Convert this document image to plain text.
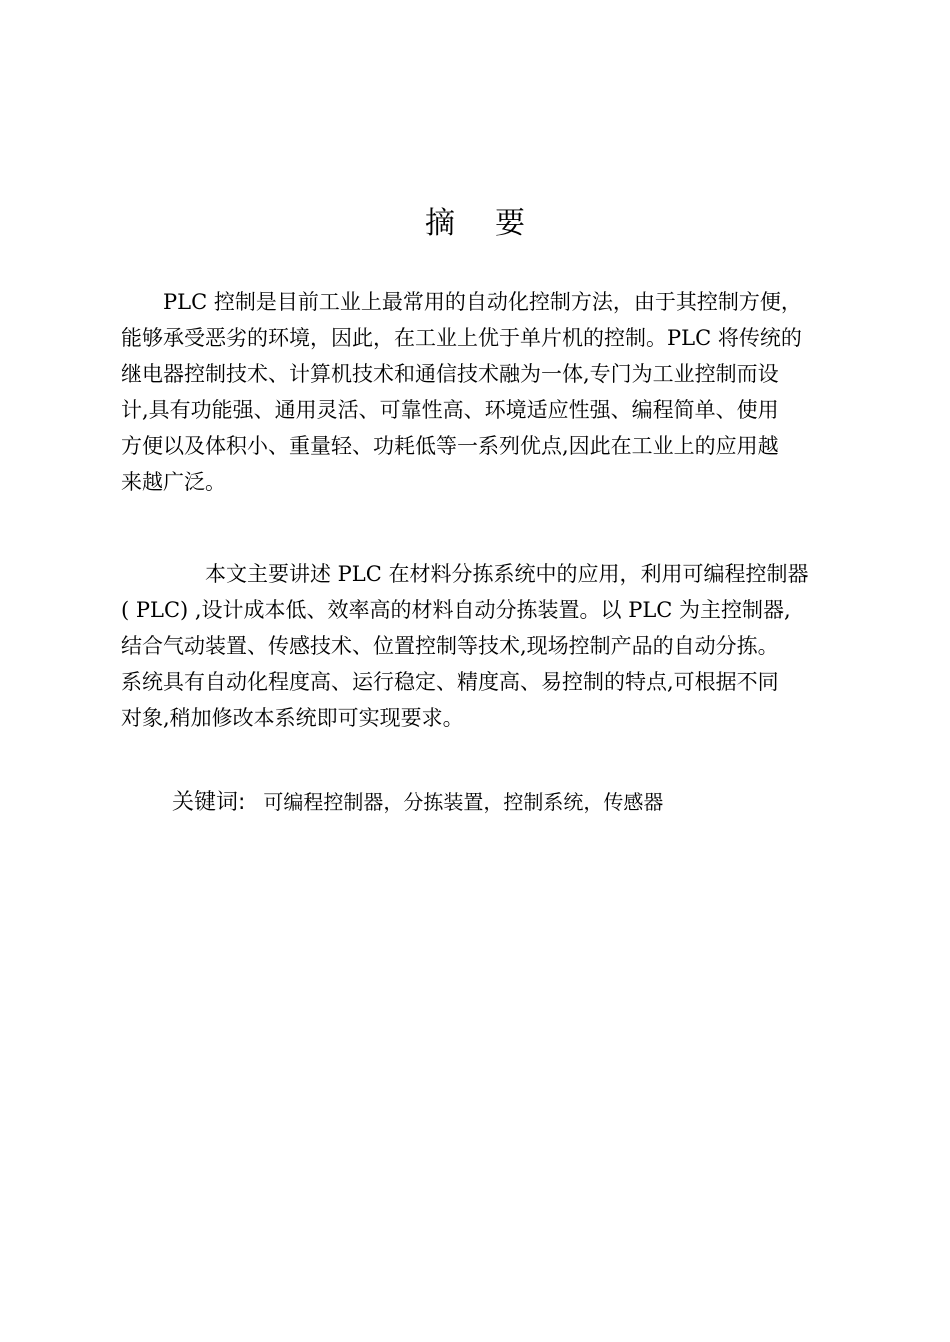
摘 要
　　PLC 控制是目前工业上最常用的自动化控制方法，由于其控制方便，
能够承受恶劣的环境，因此，在工业上优于单片机的控制。PLC 将传统的
继电器控制技术、计算机技术和通信技术融为一体,专门为工业控制而设
计,具有功能强、通用灵活、可靠性高、环境适应性强、编程简单、使用
方便以及体积小、重量轻、功耗低等一系列优点,因此在工业上的应用越
来越广泛。
　　　　本文主要讲述 PLC 在材料分拣系统中的应用，利用可编程控制器
( PLC) ,设计成本低、效率高的材料自动分拣装置。以 PLC 为主控制器,
结合气动装置、传感技术、位置控制等技术,现场控制产品的自动分拣。
系统具有自动化程度高、运行稳定、精度高、易控制的特点,可根据不同
对象,稍加修改本系统即可实现要求。
关键词: 可编程控制器，分拣装置，控制系统，传感器
